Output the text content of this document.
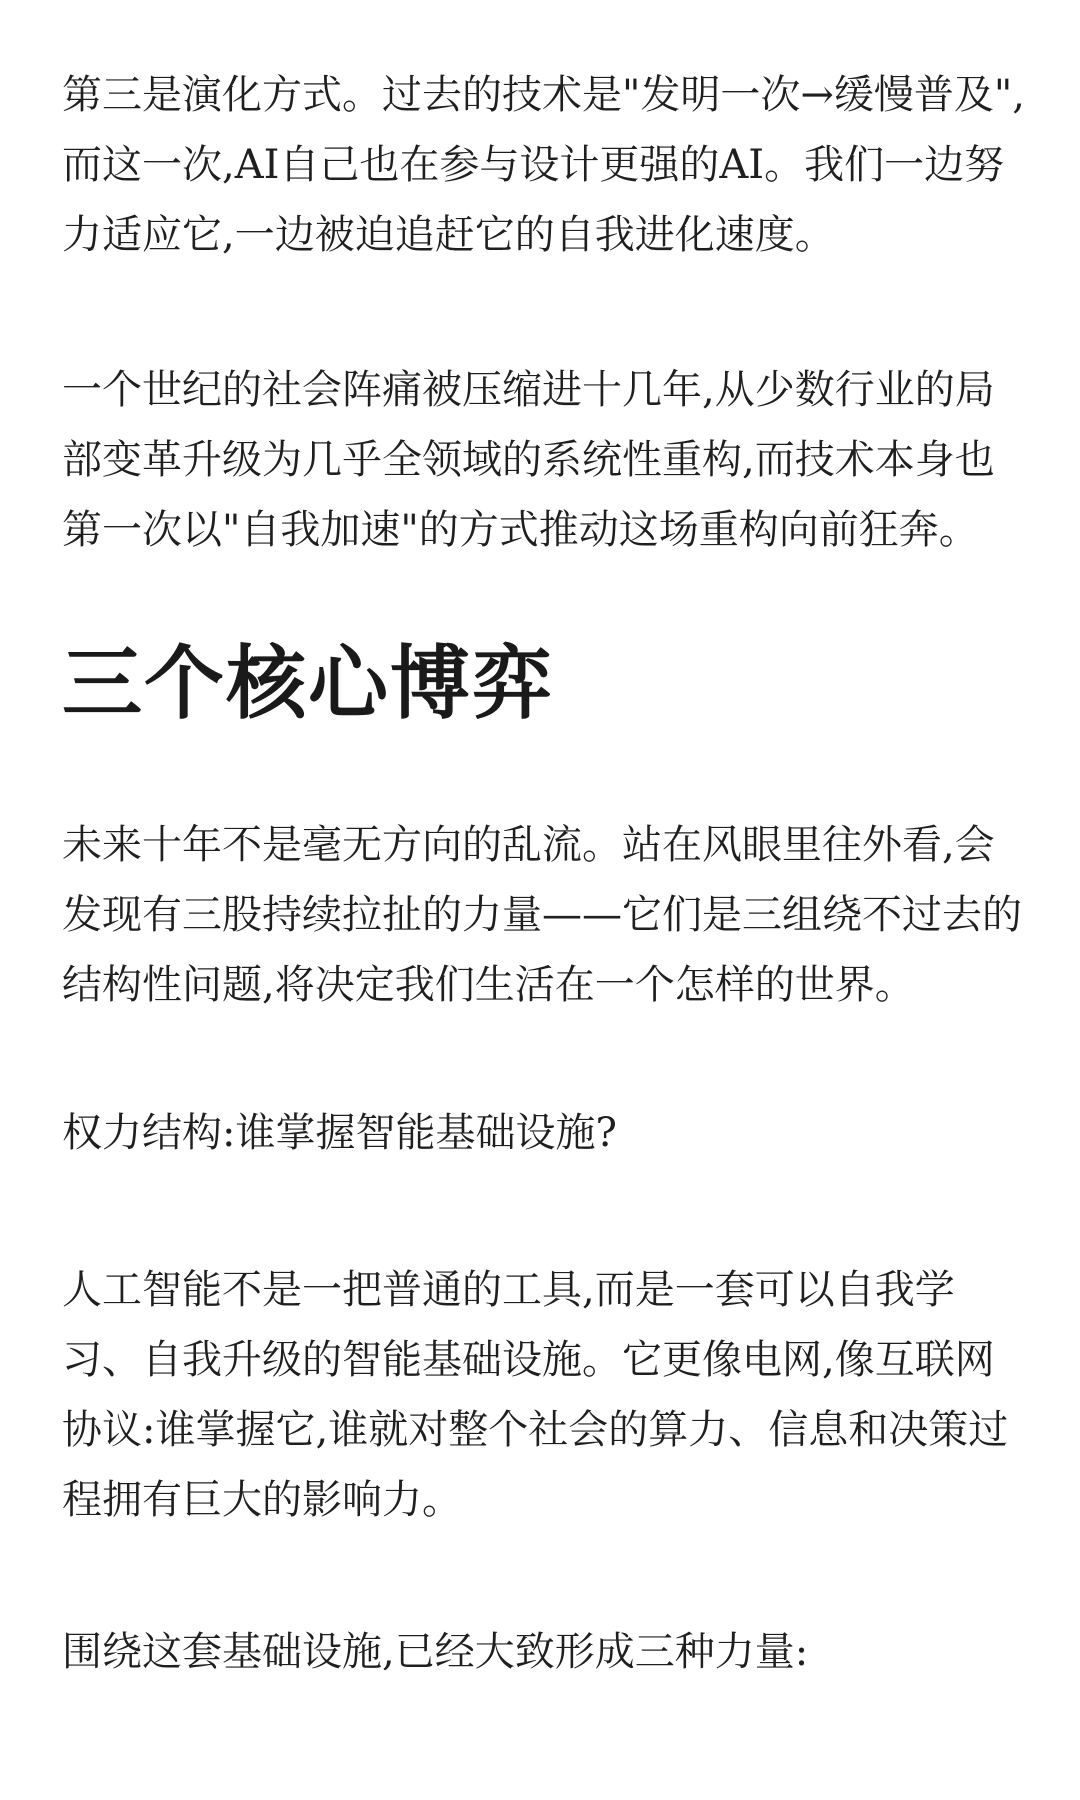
第三是演化方式。过去的技术是"发明一次→缓慢普及",而这一次,AI自己也在参与设计更强的AI。我们一边努力适应它,一边被迫追赶它的自我进化速度。

一个世纪的社会阵痛被压缩进十几年,从少数行业的局部变革升级为几乎全领域的系统性重构,而技术本身也第一次以"自我加速"的方式推动这场重构向前狂奔。

三个核心博弈

未来十年不是毫无方向的乱流。站在风眼里往外看,会发现有三股持续拉扯的力量——它们是三组绕不过去的结构性问题,将决定我们生活在一个怎样的世界。

权力结构:谁掌握智能基础设施?

人工智能不是一把普通的工具,而是一套可以自我学习、自我升级的智能基础设施。它更像电网,像互联网协议:谁掌握它,谁就对整个社会的算力、信息和决策过程拥有巨大的影响力。

围绕这套基础设施,已经大致形成三种力量:
